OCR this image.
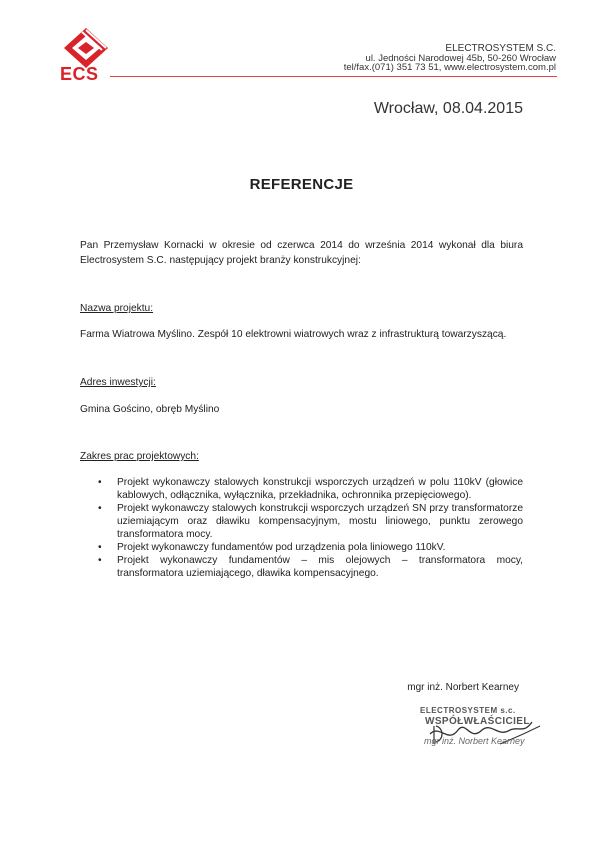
ECS
ELECTROSYSTEM S.C.
ul. Jedności Narodowej 45b, 50-260 Wrocław
tel/fax.(071) 351 73 51, www.electrosystem.com.pl
Wrocław, 08.04.2015
REFERENCJE
Pan Przemysław Kornacki w okresie od czerwca 2014 do września 2014 wykonał dla biura Electrosystem S.C. następujący projekt branży konstrukcyjnej:
Nazwa projektu:
Farma Wiatrowa Myślino. Zespół 10 elektrowni wiatrowych wraz z infrastrukturą towarzyszącą.
Adres inwestycji:
Gmina Gościno, obręb Myślino
Zakres prac projektowych:
• Projekt wykonawczy stalowych konstrukcji wsporczych urządzeń w polu 110kV (głowice kablowych, odłącznika, wyłącznika, przekładnika, ochronnika przepięciowego).
• Projekt wykonawczy stalowych konstrukcji wsporczych urządzeń SN przy transformatorze uziemiającym oraz dławiku kompensacyjnym, mostu liniowego, punktu zerowego transformatora mocy.
• Projekt wykonawczy fundamentów pod urządzenia pola liniowego 110kV.
• Projekt wykonawczy fundamentów – mis olejowych – transformatora mocy, transformatora uziemiającego, dławika kompensacyjnego.
mgr inż. Norbert Kearney
ELECTROSYSTEM s.c.
WSPÓŁWŁAŚCICIEL
mgr inż. Norbert Kearney
